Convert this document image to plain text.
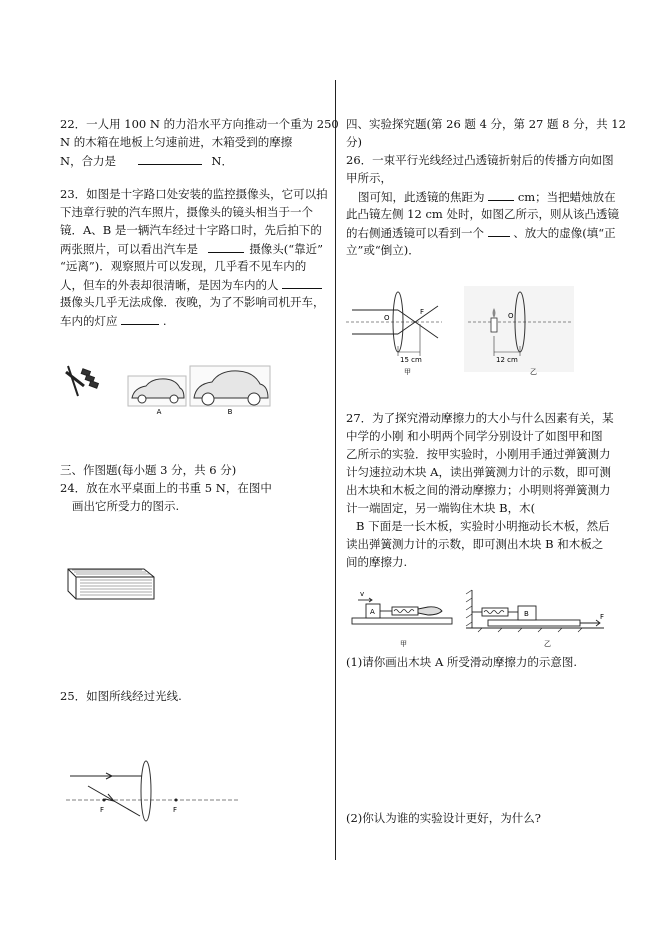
22．一人用 100 N 的力沿水平方向推动一个重为 250
N 的木箱在地板上匀速前进，木箱受到的摩擦
N，合力是	N．
23．如图是十字路口处安装的监控摄像头，它可以拍
下违章行驶的汽车照片，摄像头的镜头相当于一个
镜．A、B 是一辆汽车经过十字路口时，先后拍下的
两张照片，可以看出汽车是	摄像头(“靠近”
“远离”)．观察照片可以发现，几乎看不见车内的
人，但车的外表却很清晰，是因为车内的人
摄像头几乎无法成像．夜晚，为了不影响司机开车，
车内的灯应	.
A	B
三、作图题(每小题 3 分，共 6 分)
24．放在水平桌面上的书重 5 N，在图中
画出它所受力的图示.
25．如图所线经过光线.
F	F
四、实验探究题(第 26 题 4 分，第 27 题 8 分，共 12
分)
26．一束平行光线经过凸透镜折射后的传播方向如图
甲所示，
图可知，此透镜的焦距为	cm；当把蜡烛放在
此凸镜左侧 12 cm 处时，如图乙所示，则从该凸透镜
的右侧通透镜可以看到一个	、放大的虚像(填“正
立”或“倒立)．
F
O
15 cm
甲
O
12 cm
乙
27．为了探究滑动摩擦力的大小与什么因素有关，某
中学的小刚 和小明两个同学分别设计了如图甲和图
乙所示的实验．按甲实验时，小刚用手通过弹簧测力
计匀速拉动木块 A，读出弹簧测力计的示数，即可测
出木块和木板之间的滑动摩擦力；小明则将弹簧测力
计一端固定，另一端钩住木块 B，木(
B 下面是一长木板，实验时小明拖动长木板，然后
读出弹簧测力计的示数，即可测出木块 B 和木板之
间的摩擦力.
A
v
甲
B	F
乙
(1)请你画出木块 A 所受滑动摩擦力的示意图.
(2)你认为谁的实验设计更好，为什么?
